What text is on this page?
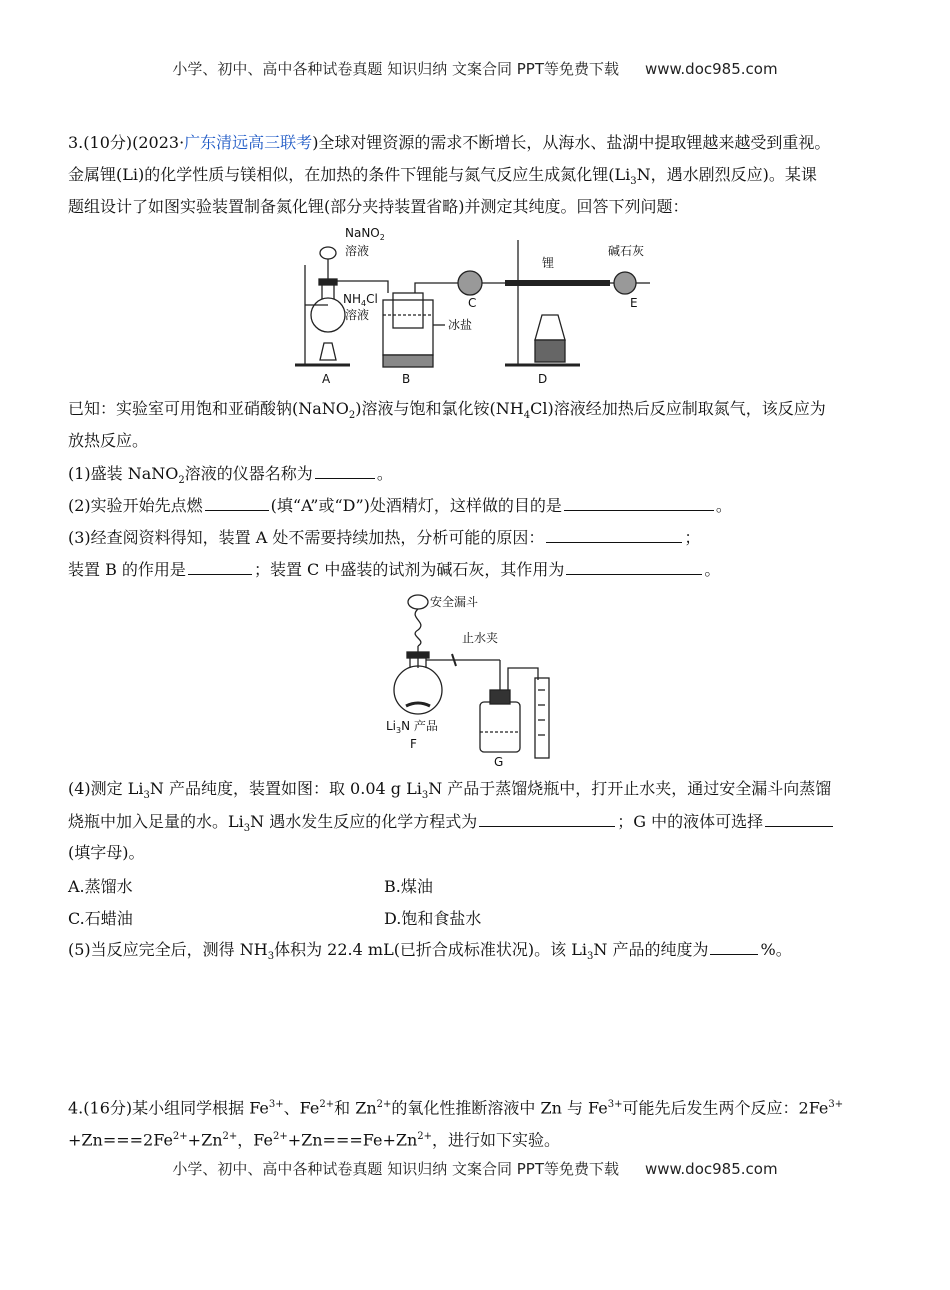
小学、初中、高中各种试卷真题 知识归纳 文案合同 PPT等免费下载 www.doc985.com
3.(10分)(2023·广东清远高三联考)全球对锂资源的需求不断增长，从海水、盐湖中提取锂越来越受到重视。
金属锂(Li)的化学性质与镁相似，在加热的条件下锂能与氮气反应生成氮化锂($Li_3N$，遇水剧烈反应)。某课
题组设计了如图实验装置制备氮化锂(部分夹持装置省略)并测定其纯度。回答下列问题：
NaNO$_2$
溶液
$NH_4Cl$
溶液
冰盐
锂
碱石灰
A	B
C
D
E
已知：实验室可用饱和亚硝酸钠(NaNO$_2$)溶液与饱和氯化铵$(NH_4Cl)$溶液经加热后反应制取氮气，该反应为
放热反应。
(1)盛装 NaNO$_2$溶液的仪器名称为	。
(2)实验开始先点燃	(填“A”或“D”)处酒精灯，这样做的目的是	。
(3)经查阅资料得知，装置 A 处不需要持续加热，分析可能的原因：	；
装置 B 的作用是	；装置 C 中盛装的试剂为碱石灰，其作用为	。
安全漏斗
止水夹
$Li_3N$ 产品
F
G
(4)测定 $Li_3N$ 产品纯度，装置如图：取 0.04 g $Li_3N$ 产品于蒸馏烧瓶中，打开止水夹，通过安全漏斗向蒸馏
烧瓶中加入足量的水。$Li_3N$ 遇水发生反应的化学方程式为	；G 中的液体可选择
(填字母)。
A.蒸馏水	B.煤油
C.石蜡油	D.饱和食盐水
(5)当反应完全后，测得 $NH_3$体积为 22.4 mL(已折合成标准状况)。该 $Li_3N$ 产品的纯度为	%。
4.(16分)某小组同学根据 $Fe^{3+}$、$Fe^{2+}$和 $Zn^{2+}$的氧化性推断溶液中 Zn 与 $Fe^{3+}$可能先后发生两个反应：$2Fe^{3+}$
$+Zn===2Fe^{2+}+Zn^{2+}$，$Fe^{2+}+Zn===Fe+Zn^{2+}$，进行如下实验。
小学、初中、高中各种试卷真题 知识归纳 文案合同 PPT等免费下载 www.doc985.com
